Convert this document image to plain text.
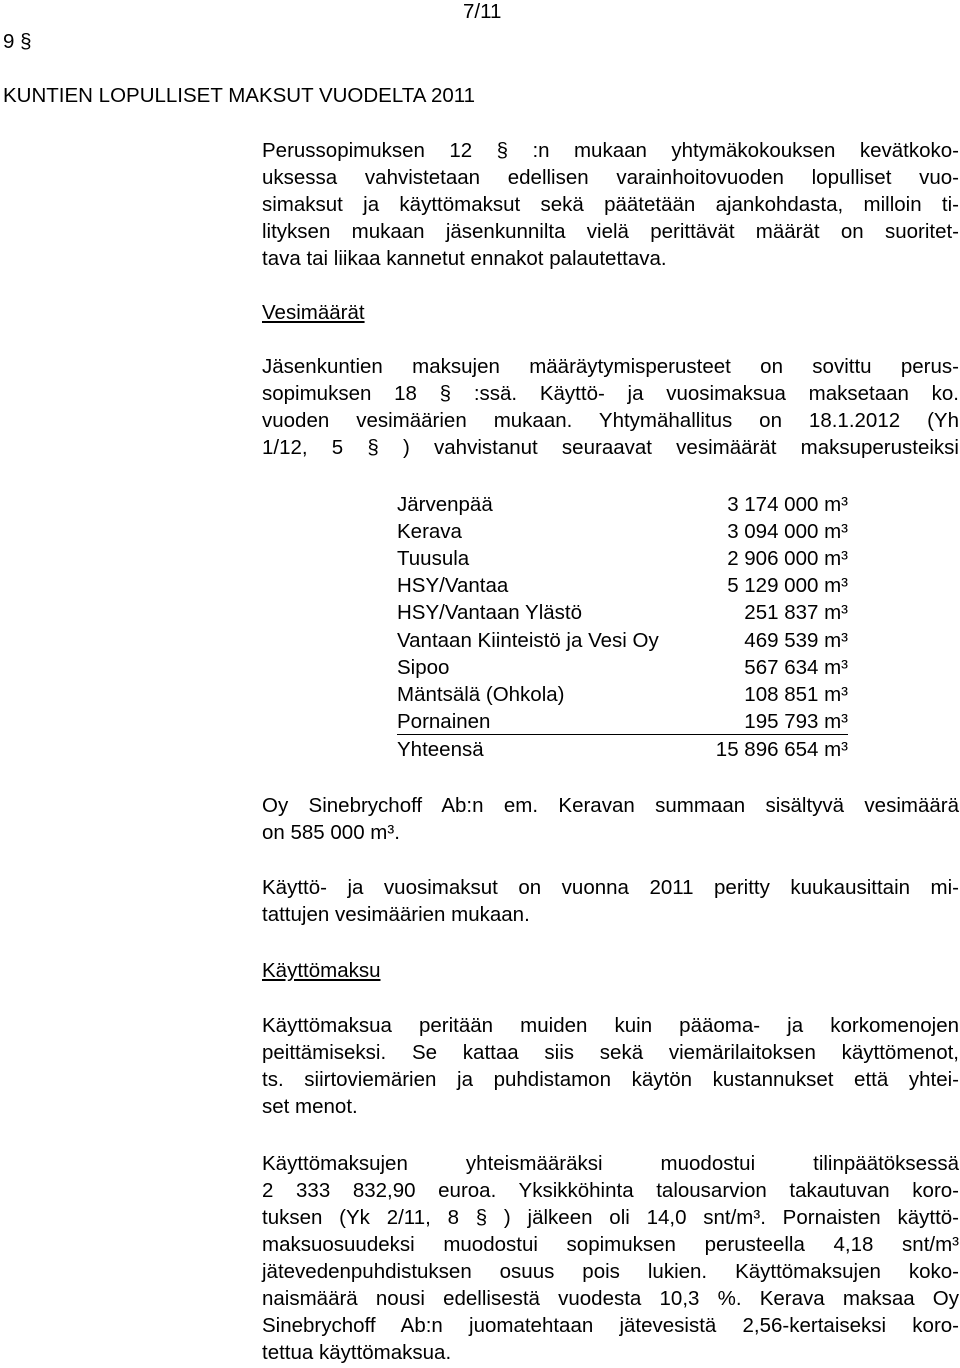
7/11
9 §
KUNTIEN LOPULLISET MAKSUT VUODELTA 2011
Perussopimuksen 12 § :n mukaan yhtymäkokouksen kevätkoko-
uksessa vahvistetaan edellisen varainhoitovuoden lopulliset vuo-
simaksut ja käyttömaksut sekä päätetään ajankohdasta, milloin ti-
lityksen mukaan jäsenkunnilta vielä perittävät määrät on suoritet-
tava tai liikaa kannetut ennakot palautettava.
Vesimäärät
Jäsenkuntien maksujen määräytymisperusteet on sovittu perus-
sopimuksen 18 § :ssä. Käyttö- ja vuosimaksua maksetaan ko.
vuoden vesimäärien mukaan. Yhtymähallitus on 18.1.2012 (Yh
1/12, 5 § ) vahvistanut seuraavat vesimäärät maksuperusteiksi
Järvenpää	3 174 000 m³
Kerava	3 094 000 m³
Tuusula	2 906 000 m³
HSY/Vantaa	5 129 000 m³
HSY/Vantaan Ylästö	251 837 m³
Vantaan Kiinteistö ja Vesi Oy	469 539 m³
Sipoo	567 634 m³
Mäntsälä (Ohkola)	108 851 m³
Pornainen	195 793 m³
Yhteensä	15 896 654 m³
Oy Sinebrychoff Ab:n em. Keravan summaan sisältyvä vesimäärä
on 585 000 m³.
Käyttö- ja vuosimaksut on vuonna 2011 peritty kuukausittain mi-
tattujen vesimäärien mukaan.
Käyttömaksu
Käyttömaksua peritään muiden kuin pääoma- ja korkomenojen
peittämiseksi. Se kattaa siis sekä viemärilaitoksen käyttömenot,
ts. siirtoviemärien ja puhdistamon käytön kustannukset että yhtei-
set menot.
Käyttömaksujen yhteismääräksi muodostui tilinpäätöksessä
2 333 832,90 euroa. Yksikköhinta talousarvion takautuvan koro-
tuksen (Yk 2/11, 8 § ) jälkeen oli 14,0 snt/m³. Pornaisten käyttö-
maksuosuudeksi muodostui sopimuksen perusteella 4,18 snt/m³
jätevedenpuhdistuksen osuus pois lukien. Käyttömaksujen koko-
naismäärä nousi edellisestä vuodesta 10,3 %. Kerava maksaa Oy
Sinebrychoff Ab:n juomatehtaan jätevesistä 2,56-kertaiseksi koro-
tettua käyttömaksua.
